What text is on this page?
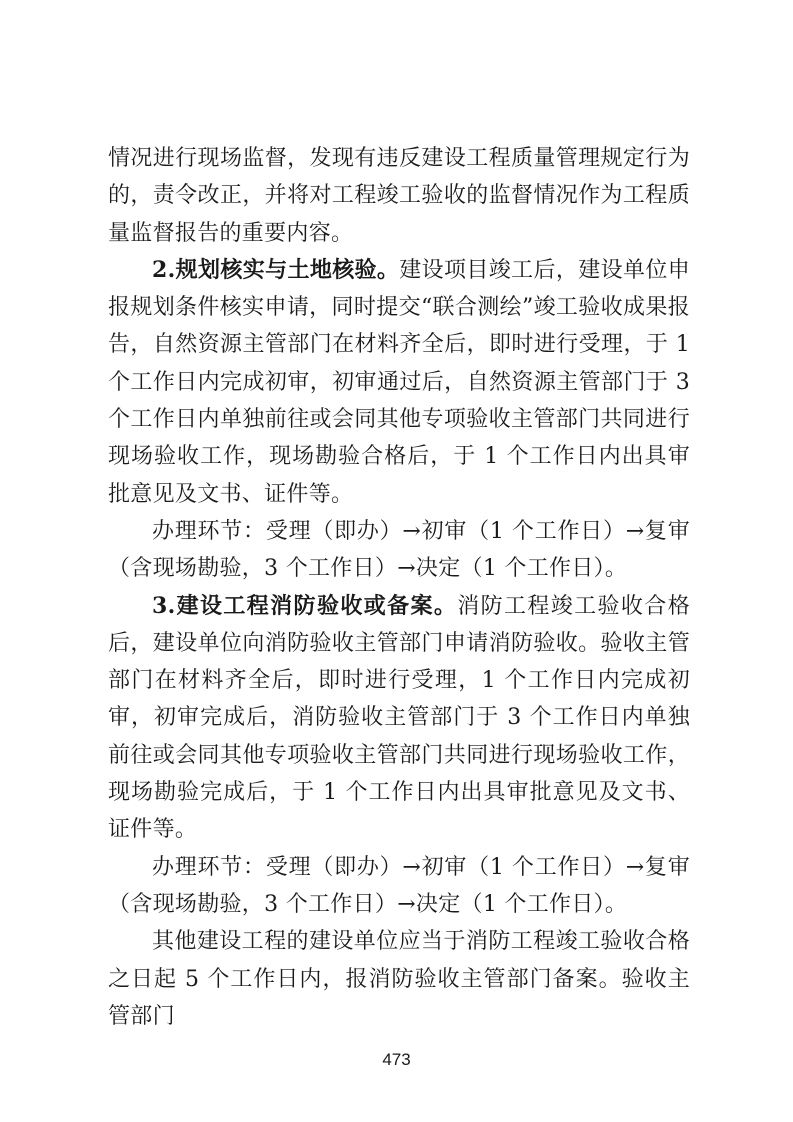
情况进行现场监督，发现有违反建设工程质量管理规定行为的，责令改正，并将对工程竣工验收的监督情况作为工程质量监督报告的重要内容。

2.规划核实与土地核验。建设项目竣工后，建设单位申报规划条件核实申请，同时提交“联合测绘”竣工验收成果报告，自然资源主管部门在材料齐全后，即时进行受理，于 1 个工作日内完成初审，初审通过后，自然资源主管部门于 3 个工作日内单独前往或会同其他专项验收主管部门共同进行现场验收工作，现场勘验合格后，于 1 个工作日内出具审批意见及文书、证件等。

办理环节：受理（即办）→初审（1 个工作日）→复审（含现场勘验，3 个工作日）→决定（1 个工作日）。

3.建设工程消防验收或备案。消防工程竣工验收合格后，建设单位向消防验收主管部门申请消防验收。验收主管部门在材料齐全后，即时进行受理，1 个工作日内完成初审，初审完成后，消防验收主管部门于 3 个工作日内单独前往或会同其他专项验收主管部门共同进行现场验收工作，现场勘验完成后，于 1 个工作日内出具审批意见及文书、证件等。

办理环节：受理（即办）→初审（1 个工作日）→复审（含现场勘验，3 个工作日）→决定（1 个工作日）。

其他建设工程的建设单位应当于消防工程竣工验收合格之日起 5 个工作日内，报消防验收主管部门备案。验收主管部门

473
